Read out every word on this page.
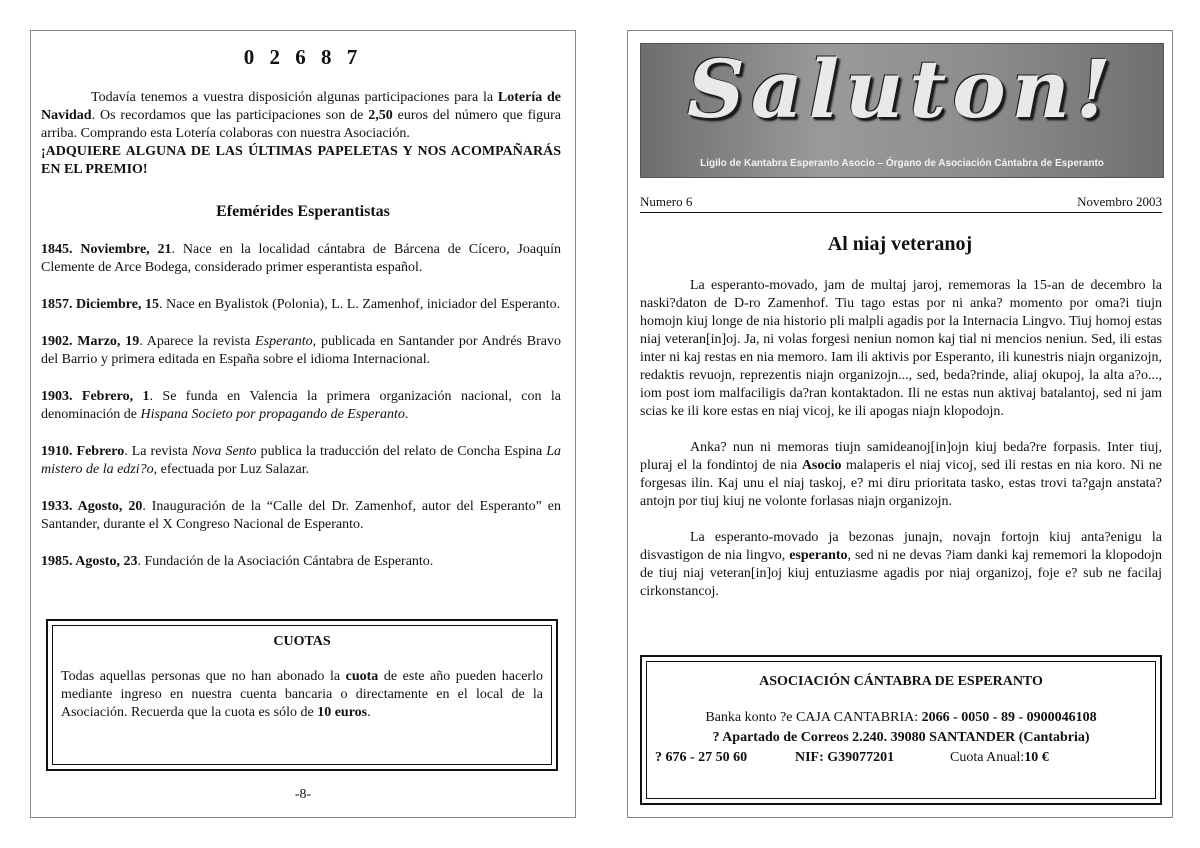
0 2 6 8 7
Todavía tenemos a vuestra disposición algunas participaciones para la Lotería de Navidad. Os recordamos que las participaciones son de 2,50 euros del número que figura arriba. Comprando esta Lotería colaboras con nuestra Asociación.
¡ADQUIERE ALGUNA DE LAS ÚLTIMAS PAPELETAS Y NOS ACOMPAÑARÁS EN EL PREMIO!
Efemérides Esperantistas

1845. Noviembre, 21. Nace en la localidad cántabra de Bárcena de Cícero, Joaquín Clemente de Arce Bodega, considerado primer esperantista español.

1857. Diciembre, 15. Nace en Byalistok (Polonia), L. L. Zamenhof, iniciador del Esperanto.

1902. Marzo, 19. Aparece la revista Esperanto, publicada en Santander por Andrés Bravo del Barrio y primera editada en España sobre el idioma Internacional.

1903. Febrero, 1. Se funda en Valencia la primera organización nacional, con la denominación de Hispana Societo por propagando de Esperanto.

1910. Febrero. La revista Nova Sento publica la traducción del relato de Concha Espina La mistero de la edzi?o, efectuada por Luz Salazar.

1933. Agosto, 20. Inauguración de la “Calle del Dr. Zamenhof, autor del Esperanto” en Santander, durante el X Congreso Nacional de Esperanto.

1985. Agosto, 23. Fundación de la Asociación Cántabra de Esperanto.

CUOTAS
Todas aquellas personas que no han abonado la cuota de este año pueden hacerlo mediante ingreso en nuestra cuenta bancaria o directamente en el local de la Asociación. Recuerda que la cuota es sólo de 10 euros.
-8-
Saluton!
Ligilo de Kantabra Esperanto Asocio – Órgano de Asociación Cántabra de Esperanto
Numero 6	Novembro 2003
Al niaj veteranoj

La esperanto-movado, jam de multaj jaroj, rememoras la 15-an de decembro la naski?daton de D-ro Zamenhof. Tiu tago estas por ni anka? momento por oma?i tiujn homojn kiuj longe de nia historio pli malpli agadis por la Internacia Lingvo. Tiuj homoj estas niaj veteran[in]oj. Ja, ni volas forgesi neniun nomon kaj tial ni mencios neniun. Sed, ili estas inter ni kaj restas en nia memoro. Iam ili aktivis por Esperanto, ili kunestris niajn organizojn, redaktis revuojn, reprezentis niajn organizojn..., sed, beda?rinde, aliaj okupoj, la alta a?o..., iom post iom malfaciligis da?ran kontaktadon. Ili ne estas nun aktivaj batalantoj, sed ni jam scias ke ili kore estas en niaj vicoj, ke ili apogas niajn klopodojn.

Anka? nun ni memoras tiujn samideanoj[in]ojn kiuj beda?re forpasis. Inter tiuj, pluraj el la fondintoj de nia Asocio malaperis el niaj vicoj, sed ili restas en nia koro. Ni ne forgesas ilin. Kaj unu el niaj taskoj, e? mi diru prioritata tasko, estas trovi ta?gajn anstata?antojn por tiuj kiuj ne volonte forlasas niajn organizojn.

La esperanto-movado ja bezonas junajn, novajn fortojn kiuj anta?enigu la disvastigon de nia lingvo, esperanto, sed ni ne devas ?iam danki kaj rememori la klopodojn de tiuj niaj veteran[in]oj kiuj entuziasme agadis por niaj organizoj, foje e? sub ne facilaj cirkonstancoj.

ASOCIACIÓN CÁNTABRA DE ESPERANTO
Banka konto ?e CAJA CANTABRIA: 2066 - 0050 - 89 - 0900046108
? Apartado de Correos 2.240. 39080 SANTANDER (Cantabria)
? 676 - 27 50 60	NIF: G39077201	Cuota Anual:10 €
